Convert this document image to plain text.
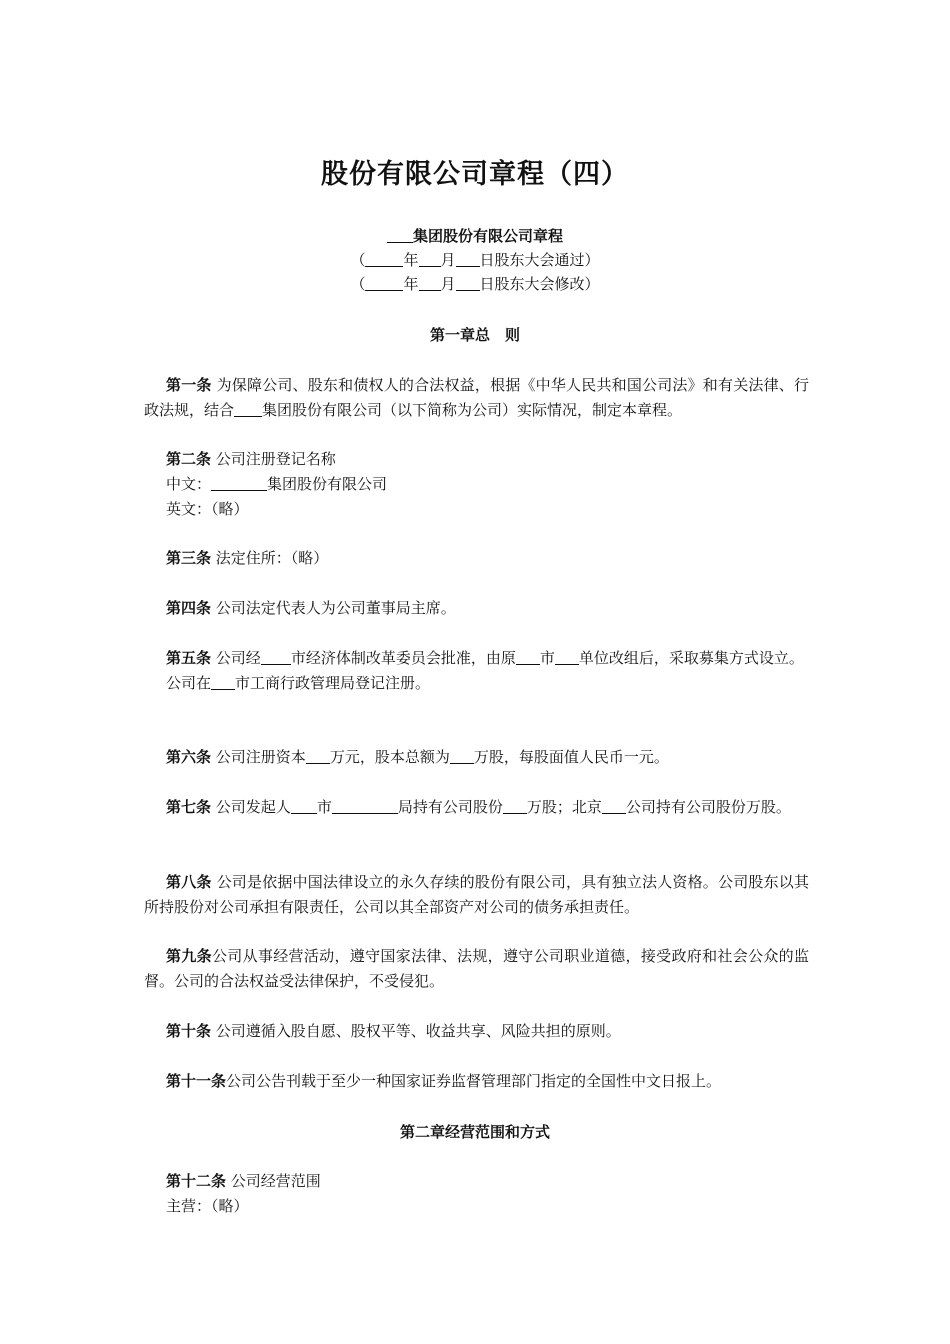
股份有限公司章程（四）
集团股份有限公司章程
（	年 月 日股东大会通过）
（	年 月 日股东大会修改）
第一章总　则
第一条 为保障公司、股东和债权人的合法权益，根据《中华人民共和国公司法》和有关法律、行政法规，结合 集团股份有限公司（以下简称为公司）实际情况，制定本章程。
第二条 公司注册登记名称
中文：	集团股份有限公司
英文：（略）
第三条 法定住所：（略）
第四条 公司法定代表人为公司董事局主席。
第五条 公司经 市经济体制改革委员会批准，由原 市 单位改组后，采取募集方式设立。
公司在 市工商行政管理局登记注册。
第六条 公司注册资本 万元，股本总额为 万股，每股面值人民币一元。
第七条 公司发起人 市	局持有公司股份 万股；北京 公司持有公司股份万股。
第八条 公司是依据中国法律设立的永久存续的股份有限公司，具有独立法人资格。公司股东以其所持股份对公司承担有限责任，公司以其全部资产对公司的债务承担责任。
第九条公司从事经营活动，遵守国家法律、法规，遵守公司职业道德，接受政府和社会公众的监督。公司的合法权益受法律保护，不受侵犯。
第十条 公司遵循入股自愿、股权平等、收益共享、风险共担的原则。
第十一条公司公告刊载于至少一种国家证券监督管理部门指定的全国性中文日报上。
第二章经营范围和方式
第十二条 公司经营范围
主营：（略）
